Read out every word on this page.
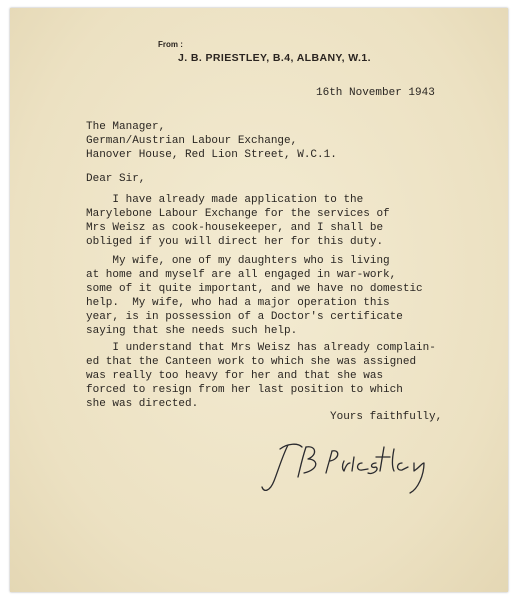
From :
J. B. PRIESTLEY, B.4, ALBANY, W.1.
16th November 1943
The Manager,
German/Austrian Labour Exchange,
Hanover House, Red Lion Street, W.C.1.
Dear Sir,
I have already made application to the
Marylebone Labour Exchange for the services of
Mrs Weisz as cook-housekeeper, and I shall be
obliged if you will direct her for this duty.
My wife, one of my daughters who is living
at home and myself are all engaged in war-work,
some of it quite important, and we have no domestic
help.  My wife, who had a major operation this
year, is in possession of a Doctor's certificate
saying that she needs such help.
I understand that Mrs Weisz has already complain-
ed that the Canteen work to which she was assigned
was really too heavy for her and that she was
forced to resign from her last position to which
she was directed.
Yours faithfully,
